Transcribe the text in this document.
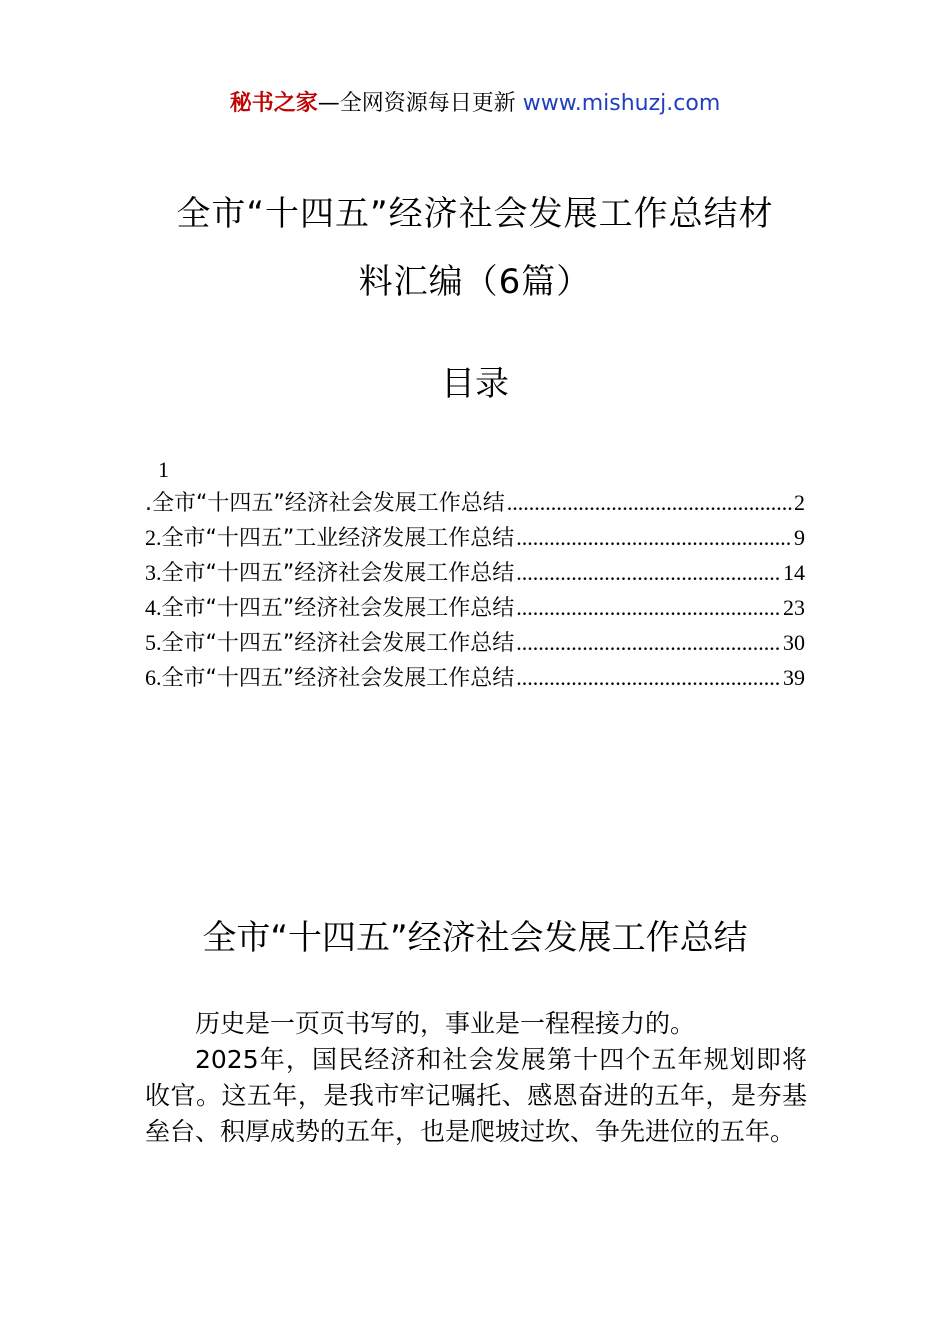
秘书之家—全网资源每日更新 www.mishuzj.com
全市“十四五”经济社会发展工作总结材
料汇编（6篇）
目录
1
.全市“十四五”经济社会发展工作总结 .....	2
2. 全市“十四五”工业经济发展工作总结 .....	9
3. 全市“十四五”经济社会发展工作总结 .....	14
4. 全市“十四五”经济社会发展工作总结 .....	23
5. 全市“十四五”经济社会发展工作总结 .....	30
6. 全市“十四五”经济社会发展工作总结 .....	39
全市“十四五”经济社会发展工作总结

历史是一页页书写的，事业是一程程接力的。

2025年，国民经济和社会发展第十四个五年规划即将收官。这五年，是我市牢记嘱托、感恩奋进的五年，是夯基垒台、积厚成势的五年，也是爬坡过坎、争先进位的五年。
